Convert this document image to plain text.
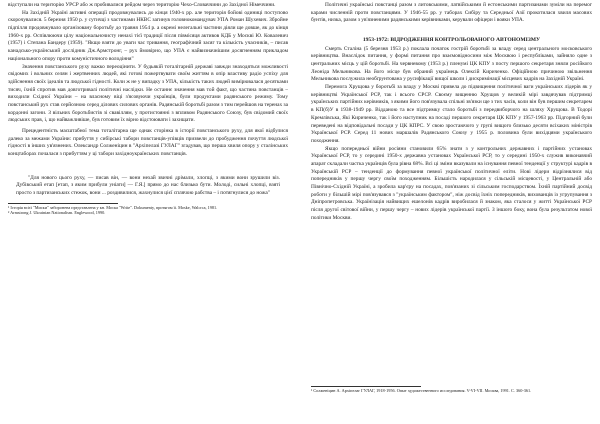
відступали на територію УРСР або ж пробивалися рейдом через територію Чехо-Словаччини до Західної Німеччини.

На Західній Україні активні операції продовжувались до кінця 1940-х рр. але територія бойові одиниці поступово скорочувалися. 5 березня 1950 р. у сутичці з частинами НКВС загинув головнокомандувач УПА Роман Шухевич. Збройне підпілля продовжувало організовану боротьбу до травня 1954 р. а окремі нелегальні частини діяли ще довше, як до кінця 1960-х рр. Оспівлюючи цілу національночисту ненахі тієї традиції після півмісяця активов КДБ у Москві Ю. Ковалевич (1957) і Степана Бандеру (1959). "Якщо взяти до уваги час тривання, географічний засяг та кількість учасників, – писав канадсько-український дослідник Дж.Армстронг, – рух ймовірно, що УПА є найвизначнішим досягненням прикладом національного опору проти комуністичного володіння"

Значення повстанського руху важко переоцінити. У будьякій тоталітарній державі завжди знаходяться можливості свідомих і вольних селян і жертвенних людей, які готові пожертвувати своїм життям в опір властиву радіо успіху для здійснення своїх ідеалів та людської гідності. Коли ж не у випадку з УПА, кількість таких людей вимірювалася десятками тисяч, їхній спротив мав довготривалі політичні наслідки. Не останнє значення мав той факт, що частина повстанців – виходили Східної України – на власному віці з'ясовуючи українців, були продуктами радянського режиму. Тому повстанський рух став серйозною серед ділових силових органів. Радянській боротьбі разом з тим перейшов на теренах за кордонні загони. З вільних боротьбистів зі свавіллям, у протистоянні з впливом Радянського Союзу, був свідомий своїх людських прав, і, що найважливіше, був готовим їх вірно відстоювати і захищати.

Прецедентність масштабної тема тоталітарна ще однак сторінка в історії повстанського руху, для якої відбулися далеко за межами України: прибуття у сибірські табори повстанців-упівців призвели до пробудження почуття людської гідності в інших ув'язнених. Олександр Солженіцин в "Архіпелазі ГУЛАГ" згадував, що перша хвиля опору у сталінських концтаборах почалася з прибуттям у ці табори західноукраїнських повстанців.

"Для нового цього руху, — писав він, — вони нехай звичні дрімали, хлопці, з якими вони зрушили віз. Дубівський етап [етап, з яким прибули уніати] — Г.Я.] прямо до нас близько бути. Молоді, сильні хлопці, взяті просто з партизанських стежок, вони ... роздивилися, жахнулися цієї сплячою рабства – і потягнулися до ножа"

¹ Історія всієї "Миски" заборонена представлена у кн. Моска "Write". Dokumenty, протягом її. Moske, Walcrca, 1981.

² Armstrong J. Ukrainian Nationalism. Englewood, 1990.

Політичні українські повстанці разом з литовськими, латвійськими й естонськими партизанами зуміли на перемог карами численній проти повстанцями. У 1946-55 рр. у таборах Сибіру та Середньої Азії прокотилася хвиля масових бунтів, низка, разом з ув'язненими радянськими керівниками, керували офіцери і вояки УПА.

1953-1972: ВІДРОДЖЕННЯ КОНТРОЛЬОВАНОГО АВТОНОМІЗМУ

Смерть Сталіна (5 березня 1953 р.) поклала початок гострій боротьбі за владу серед центрального московського керівництва. Внаслідок питання, у формі питання про взаємовідносини між Москвою і республіками, зайняло одне з центральних місць у цій боротьбі. На червневому (1953 р.) пленумі ЦК КПУ з посту першого секретаря зняли російкого Леоніда Мельникова. На його місце був обраний українець Олексій Кириченко. Офіційною причиною звільнення Мельникова послужила необґрунтована у русифікації вищої школи і дискримінації місцевих кадрів на Західній Україні.

Перемога Хрущова у боротьбі за владу у Москві привела до підвищення політичної ваги українських лідерів як у керівництві Української РСР, так і всього СРСР. Своєму вищенню Хрущов у великій мірі завдячував підтримці українських партійних керівників, з якими його пов'язувала спільні зв'язки ще з тих часів, коли він був першим секретарем в КП(б)У в 1938-1949 рр. Відданою та все підтримку стало боротьбі з передвиборчого на шляху Хрущова. В Тодорі Кремлівська, Які Кириченко, так і його наступник на посаді першого секретаря ЦК КПУ у 1957-1963 рр. Підгорний були переведені на відповідальні посади у ЦК КПРС. У свою зростаючого у групі вищого близько десяти всіхаких міністрів Української РСР. Серед 11 нових маршалів Радянського Союзу у 1955 р. половина були вихідцями українського походження.

Якщо попередньої війни росіяни становили 65% знати з у контрольних державних і партійних установах Української РСР, то у середині 1950-х державна установах Української РСР, то у середині 1950-х служив виконавчий апарат складали частка українців була рівна 68%. Всі ці зміни вказували на існування певної тенденції у структурі кадрів в Українській РСР – тенденції до формування певної української політичної еліти. Нові лідери відрізнялися від попередників у першу чергу своїм походженням. Більшість народилася у сільській місцевості, у Центральній або Північно-Східній Україні, а зробила кар'єру на посадах, пов'язаних зі сільським господарством. Їхній партійний досвід роботи у більшій мірі пов'язувався з "українським фактором", ніж досвід їхніх попередників, вихованців із угрупування з Дніпропетровська. Українізація найвищих ешелонів кадрів виробилася й знаком, яка сталося у житті Української РСР після другої світової війни, у першу чергу – нових лідерів української партії. З іншого боку, вона була результатом нової політики Москви.

¹ Солженіцин А. Архіпелаг ГУЛАГ, 1918-1956. Опыт художественного исследования. V-VI-VII. Москва, 1991. С. 360-361.
